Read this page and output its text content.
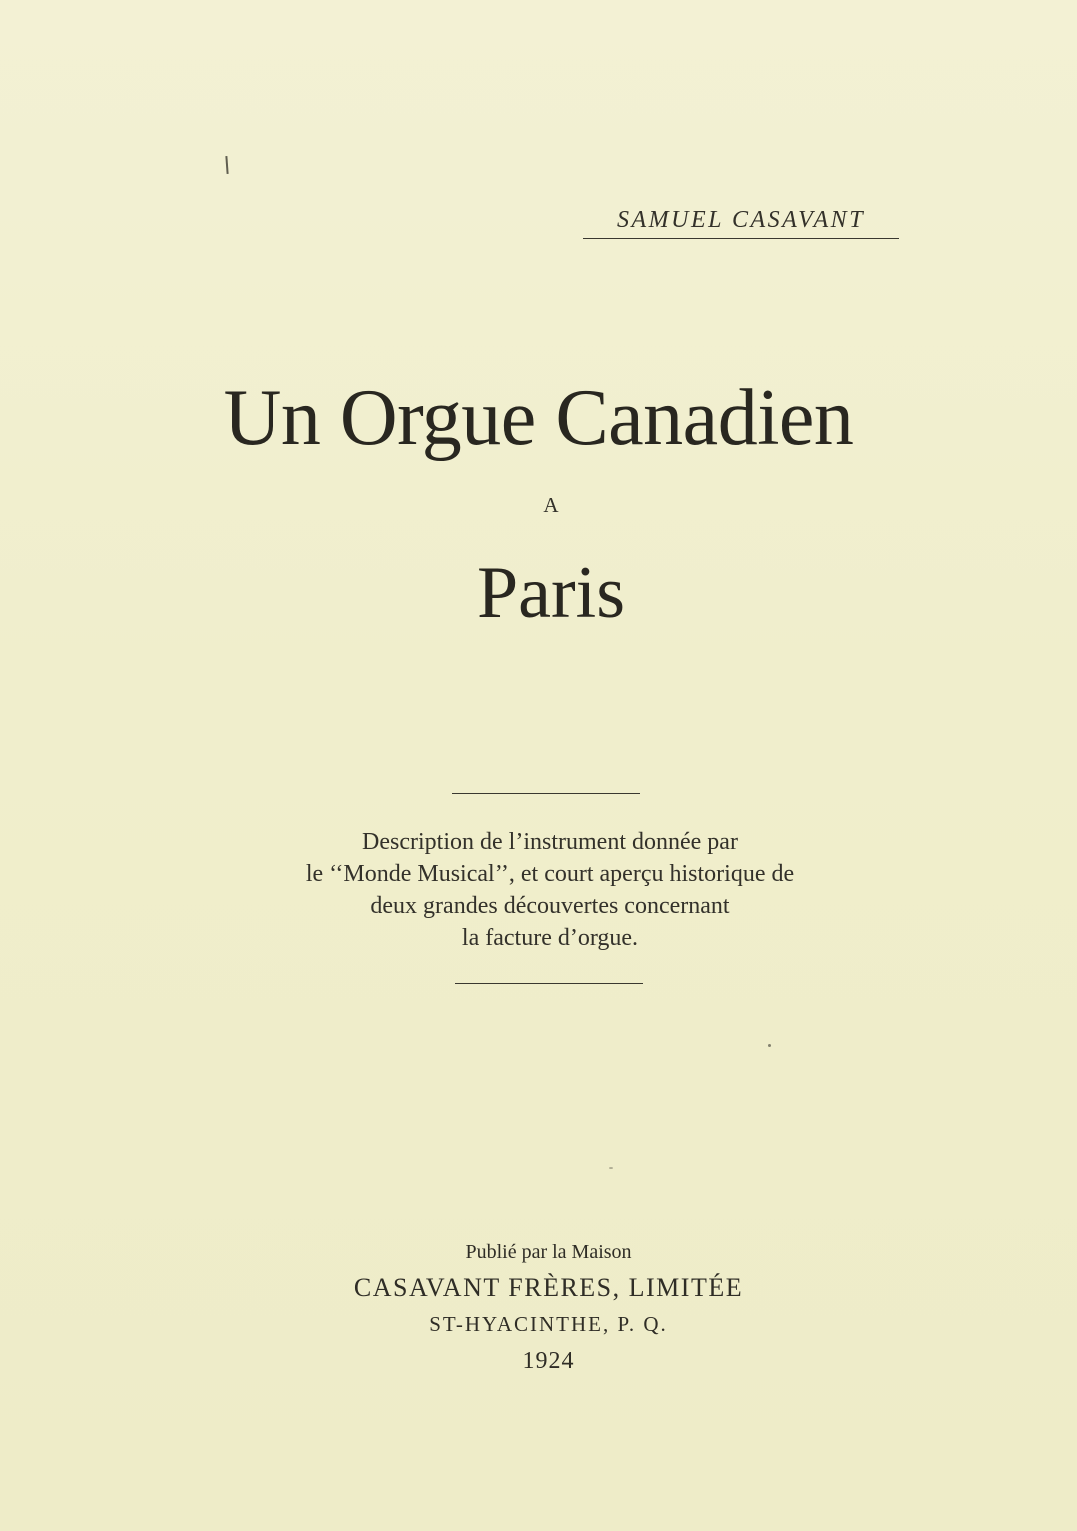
SAMUEL CASAVANT
Un Orgue Canadien
A
Paris
Description de l’instrument donnée par
le ‘‘Monde Musical’’, et court aperçu historique de
deux grandes découvertes concernant
la facture d’orgue.
Publié par la Maison
CASAVANT FRÈRES, LIMITÉE
ST-HYACINTHE, P. Q.
1924
